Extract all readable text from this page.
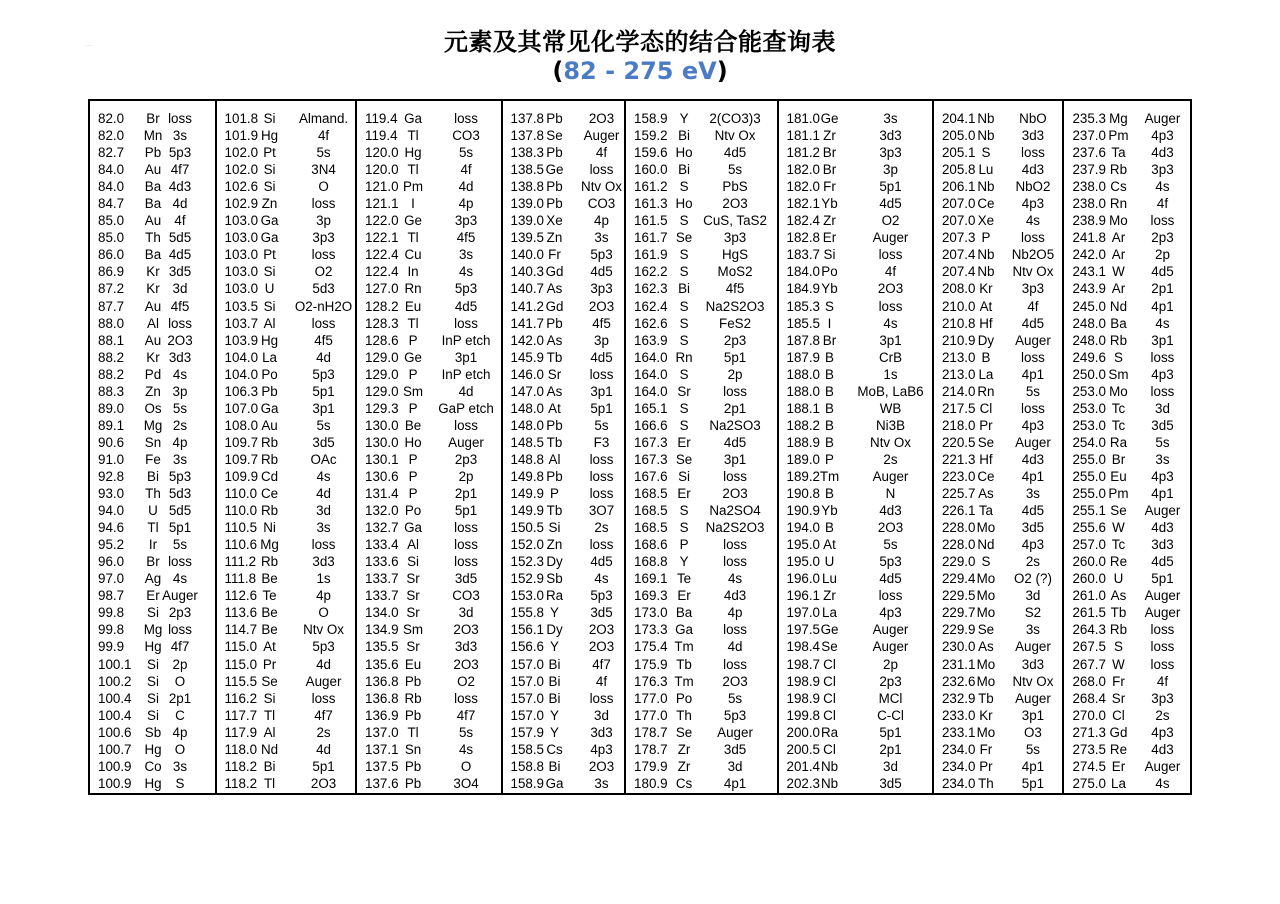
...	元素及其常见化学态的结合能查询表
(82 - 275 eV)
82.0	Br loss
82.0	Mn 3s
82.7	Pb 5p3
84.0	Au 4f7
84.0	Ba 4d3
84.7	Ba 4d
85.0	Au 4f
85.0	Th 5d5
86.0	Ba 4d5
86.9	Kr 3d5
87.2	Kr 3d
87.7	Au 4f5
88.0	Al loss
88.1	Au 2O3
88.2	Kr 3d3
88.2	Pd 4s
88.3	Zn 3p
89.0	Os 5s
89.1	Mg 2s
90.6	Sn 4p
91.0	Fe 3s
92.8	Bi 5p3
93.0	Th 5d3
94.0	U 5d5
94.6	Tl 5p1
95.2	Ir	5s
96.0	Br loss
97.0	Ag 4s
98.7	Er Auger
99.8	Si 2p3
99.8	Mg loss
99.9	Hg 4f7
100.1	Si	2p
100.2	Si	O
100.4	Si 2p1
100.4	Si	C
100.6 Sb 4p
100.7 Hg O
100.9 Co 3s
100.9 Hg	S
101.8 Si	Almand.
101.9 Hg	4f
102.0 Pt	5s
102.0 Si	3N4
102.6 Si	O
102.9 Zn	loss
103.0 Ga	3p
103.0 Ga	3p3
103.0 Pt	loss
103.0 Si	O2
103.0 U	5d3
103.5 Si	O2-nH2O
103.7 Al	loss
103.9 Hg	4f5
104.0 La	4d
104.0 Po	5p3
106.3 Pb	5p1
107.0 Ga	3p1
108.0 Au	5s
109.7 Rb	3d5
109.7 Rb	OAc
109.9 Cd	4s
110.0 Ce	4d
110.0 Rb	3d
110.5 Ni	3s
110.6 Mg	loss
111.2 Rb	3d3
111.8 Be	1s
112.6 Te	4p
113.6 Be	O
114.7 Be	Ntv Ox
115.0 At	5p3
115.0 Pr	4d
115.5 Se	Auger
116.2 Si	loss
117.7 Tl	4f7
117.9 Al	2s
118.0 Nd	4d
118.2 Bi	5p1
118.2 Tl	2O3
119.4 Ga	loss
119.4 Tl	CO3
120.0 Hg	5s
120.0 Tl	4f
121.0 Pm	4d
121.1 I	4p
122.0 Ge	3p3
122.1 Tl	4f5
122.4 Cu	3s
122.4 In	4s
127.0 Rn	5p3
128.2 Eu	4d5
128.3 Tl	loss
128.6 P	InP etch
129.0 Ge	3p1
129.0 P	InP etch
129.0 Sm	4d
129.3 P	GaP etch
130.0 Be	loss
130.0 Ho	Auger
130.1 P	2p3
130.6 P	2p
131.4 P	2p1
132.0 Po	5p1
132.7 Ga	loss
133.4 Al	loss
133.6 Si	loss
133.7 Sr	3d5
133.7 Sr	CO3
134.0 Sr	3d
134.9 Sm	2O3
135.5 Sr	3d3
135.6 Eu	2O3
136.8 Pb	O2
136.8 Rb	loss
136.9 Pb	4f7
137.0 Tl	5s
137.1 Sn	4s
137.5 Pb	O
137.6 Pb	3O4
137.8 Pb	2O3
137.8 Se	Auger
138.3 Pb	4f
138.5 Ge	loss
138.8 Pb	Ntv Ox
139.0 Pb	CO3
139.0 Xe	4p
139.5 Zn	3s
140.0 Fr	5p3
140.3 Gd	4d5
140.7 As	3p3
141.2 Gd	2O3
141.7 Pb	4f5
142.0 As	3p
145.9 Tb	4d5
146.0 Sr	loss
147.0 As	3p1
148.0 At	5p1
148.0 Pb	5s
148.5 Tb	F3
148.8 Al	loss
149.8 Pb	loss
149.9 P	loss
149.9 Tb	3O7
150.5 Si	2s
152.0 Zn	loss
152.3 Dy	4d5
152.9 Sb	4s
153.0 Ra	5p3
155.8 Y	3d5
156.1 Dy	2O3
156.6 Y	2O3
157.0 Bi	4f7
157.0 Bi	4f
157.0 Bi	loss
157.0 Y	3d
157.9 Y	3d3
158.5 Cs	4p3
158.8 Bi	2O3
158.9 Ga	3s
158.9 Y	2(CO3)3
159.2 Bi	Ntv Ox
159.6 Ho	4d5
160.0 Bi	5s
161.2 S	PbS
161.3 Ho	2O3
161.5 S	CuS, TaS2
161.7 Se	3p3
161.9 S	HgS
162.2 S	MoS2
162.3 Bi	4f5
162.4 S	Na2S2O3
162.6 S	FeS2
163.9 S	2p3
164.0 Rn	5p1
164.0 S	2p
164.0 Sr	loss
165.1 S	2p1
166.6 S	Na2SO3
167.3 Er	4d5
167.3 Se	3p1
167.6 Si	loss
168.5 Er	2O3
168.5 S	Na2SO4
168.5 S	Na2S2O3
168.6 P	loss
168.8 Y	loss
169.1 Te	4s
169.3 Er	4d3
173.0 Ba	4p
173.3 Ga	loss
175.4 Tm	4d
175.9 Tb	loss
176.3 Tm	2O3
177.0 Po	5s
177.0 Th	5p3
178.7 Se	Auger
178.7 Zr	3d5
179.9 Zr	3d
180.9 Cs	4p1
181.0 Ge	3s
181.1 Zr	3d3
181.2 Br	3p3
182.0 Br	3p
182.0 Fr	5p1
182.1 Yb	4d5
182.4 Zr	O2
182.8 Er	Auger
183.7 Si	loss
184.0 Po	4f
184.9 Yb	2O3
185.3 S	loss
185.5 I	4s
187.8 Br	3p1
187.9 B	CrB
188.0 B	1s
188.0 B	MoB, LaB6
188.1 B	WB
188.2 B	Ni3B
188.9 B	Ntv Ox
189.0 P	2s
189.2 Tm	Auger
190.8 B	N
190.9 Yb	4d3
194.0 B	2O3
195.0 At	5s
195.0 U	5p3
196.0 Lu	4d5
196.1 Zr	loss
197.0 La	4p3
197.5 Ge	Auger
198.4 Se	Auger
198.7 Cl	2p
198.9 Cl	2p3
198.9 Cl	MCl
199.8 Cl	C-Cl
200.0 Ra	5p1
200.5 Cl	2p1
201.4 Nb	3d
202.3 Nb	3d5
204.1 Nb	NbO
205.0 Nb	3d3
205.1 S	loss
205.8 Lu	4d3
206.1 Nb	NbO2
207.0 Ce	4p3
207.0 Xe	4s
207.3 P	loss
207.4 Nb	Nb2O5
207.4 Nb	Ntv Ox
208.0 Kr	3p3
210.0 At	4f
210.8 Hf	4d5
210.9 Dy	Auger
213.0 B	loss
213.0 La	4p1
214.0 Rn	5s
217.5 Cl	loss
218.0 Pr	4p3
220.5 Se	Auger
221.3 Hf	4d3
223.0 Ce	4p1
225.7 As	3s
226.1 Ta	4d5
228.0 Mo	3d5
228.0 Nd	4p3
229.0 S	2s
229.4 Mo	O2 (?)
229.5 Mo	3d
229.7 Mo	S2
229.9 Se	3s
230.0 As	Auger
231.1 Mo	3d3
232.6 Mo	Ntv Ox
232.9 Tb	Auger
233.0 Kr	3p1
233.1 Mo	O3
234.0 Fr	5s
234.0 Pr	4p1
234.0 Th	5p1
235.3 Mg	Auger
237.0 Pm	4p3
237.6 Ta	4d3
237.9 Rb	3p3
238.0 Cs	4s
238.0 Rn	4f
238.9 Mo	loss
241.8 Ar	2p3
242.0 Ar	2p
243.1 W	4d5
243.9 Ar	2p1
245.0 Nd	4p1
248.0 Ba	4s
248.0 Rb	3p1
249.6 S	loss
250.0 Sm	4p3
253.0 Mo	loss
253.0 Tc	3d
253.0 Tc	3d5
254.0 Ra	5s
255.0 Br	3s
255.0 Eu	4p3
255.0 Pm	4p1
255.1 Se	Auger
255.6 W	4d3
257.0 Tc	3d3
260.0 Re	4d5
260.0 U	5p1
261.0 As	Auger
261.5 Tb	Auger
264.3 Rb	loss
267.5 S	loss
267.7 W	loss
268.0 Fr	4f
268.4 Sr	3p3
270.0 Cl	2s
271.3 Gd	4p3
273.5 Re	4d3
274.5 Er	Auger
275.0 La	4s
